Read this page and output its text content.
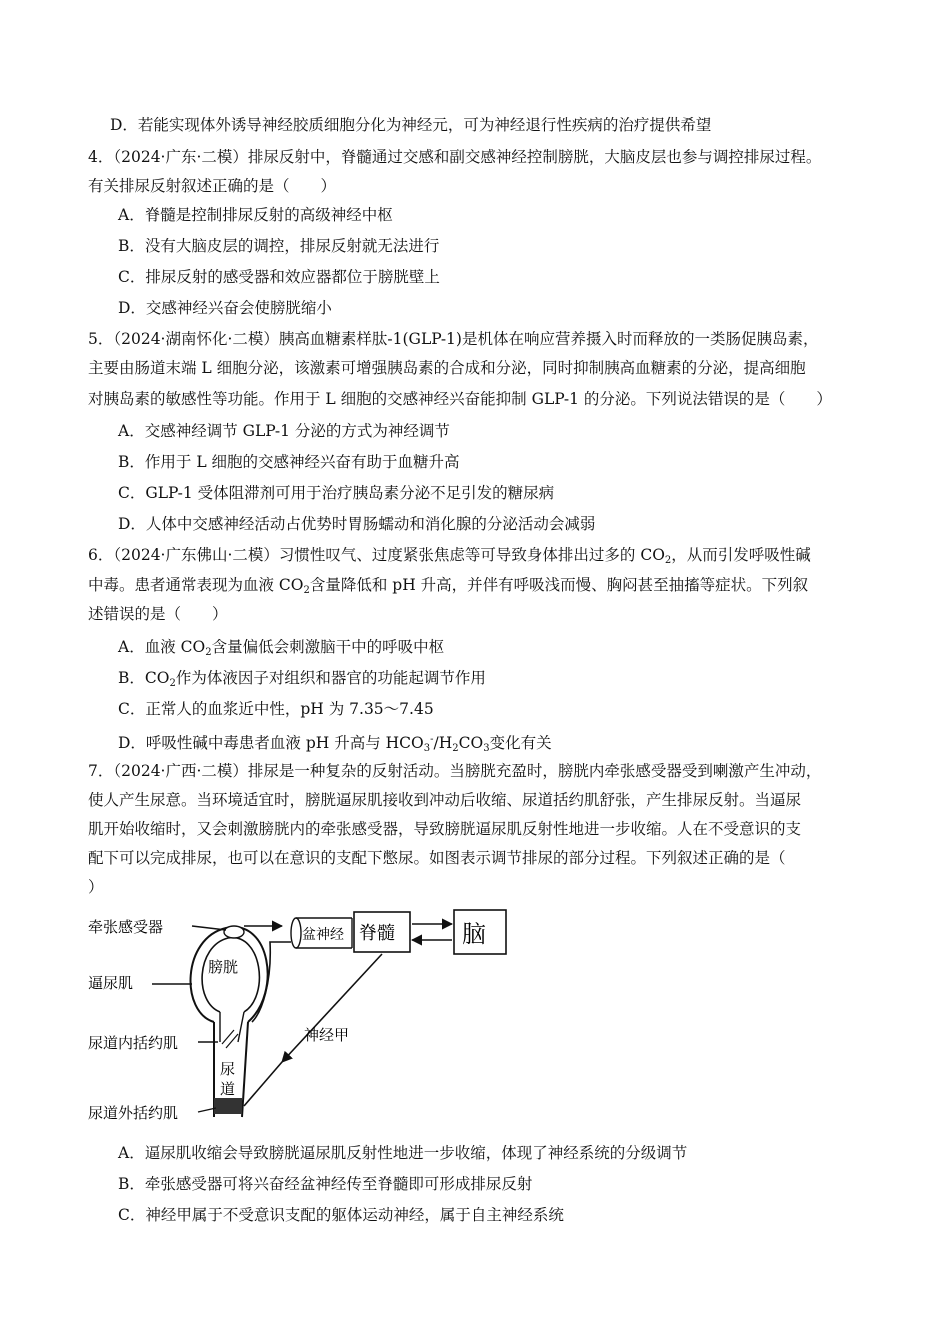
D．若能实现体外诱导神经胶质细胞分化为神经元，可为神经退行性疾病的治疗提供希望
4．（2024·广东·二模）排尿反射中，脊髓通过交感和副交感神经控制膀胱，大脑皮层也参与调控排尿过程。
有关排尿反射叙述正确的是（　　）
A．脊髓是控制排尿反射的高级神经中枢
B．没有大脑皮层的调控，排尿反射就无法进行
C．排尿反射的感受器和效应器都位于膀胱壁上
D．交感神经兴奋会使膀胱缩小
5．（2024·湖南怀化·二模）胰高血糖素样肽-1(GLP-1)是机体在响应营养摄入时而释放的一类肠促胰岛素，
主要由肠道末端 L 细胞分泌，该激素可增强胰岛素的合成和分泌，同时抑制胰高血糖素的分泌，提高细胞
对胰岛素的敏感性等功能。作用于 L 细胞的交感神经兴奋能抑制 GLP-1 的分泌。下列说法错误的是（　　）
A．交感神经调节 GLP-1 分泌的方式为神经调节
B．作用于 L 细胞的交感神经兴奋有助于血糖升高
C．GLP-1 受体阻滞剂可用于治疗胰岛素分泌不足引发的糖尿病
D．人体中交感神经活动占优势时胃肠蠕动和消化腺的分泌活动会减弱
6．（2024·广东佛山·二模）习惯性叹气、过度紧张焦虑等可导致身体排出过多的 $CO_2$，从而引发呼吸性碱
中毒。患者通常表现为血液 $CO_2$含量降低和 pH 升高，并伴有呼吸浅而慢、胸闷甚至抽搐等症状。下列叙
述错误的是（　　）
A．血液 $CO_2$含量偏低会刺激脑干中的呼吸中枢
B．$CO_2$作为体液因子对组织和器官的功能起调节作用
C．正常人的血浆近中性，pH 为 7.35～7.45
D．呼吸性碱中毒患者血液 pH 升高与 $HCO_3^-/H_2CO_3$变化有关
7．（2024·广西·二模）排尿是一种复杂的反射活动。当膀胱充盈时，膀胱内牵张感受器受到喇激产生冲动，
使人产生尿意。当环境适宜时，膀胱逼尿肌接收到冲动后收缩、尿道括约肌舒张，产生排尿反射。当逼尿
肌开始收缩时，又会刺激膀胱内的牵张感受器，导致膀胱逼尿肌反射性地进一步收缩。人在不受意识的支
配下可以完成排尿，也可以在意识的支配下憋尿。如图表示调节排尿的部分过程。下列叙述正确的是（
）
牵张感受器
逼尿肌
尿道内括约肌
尿道外括约肌
膀胱
尿
道
盆神经 脊髓	脑
神经甲
A．逼尿肌收缩会导致膀胱逼尿肌反射性地进一步收缩，体现了神经系统的分级调节
B．牵张感受器可将兴奋经盆神经传至脊髓即可形成排尿反射
C．神经甲属于不受意识支配的躯体运动神经，属于自主神经系统
